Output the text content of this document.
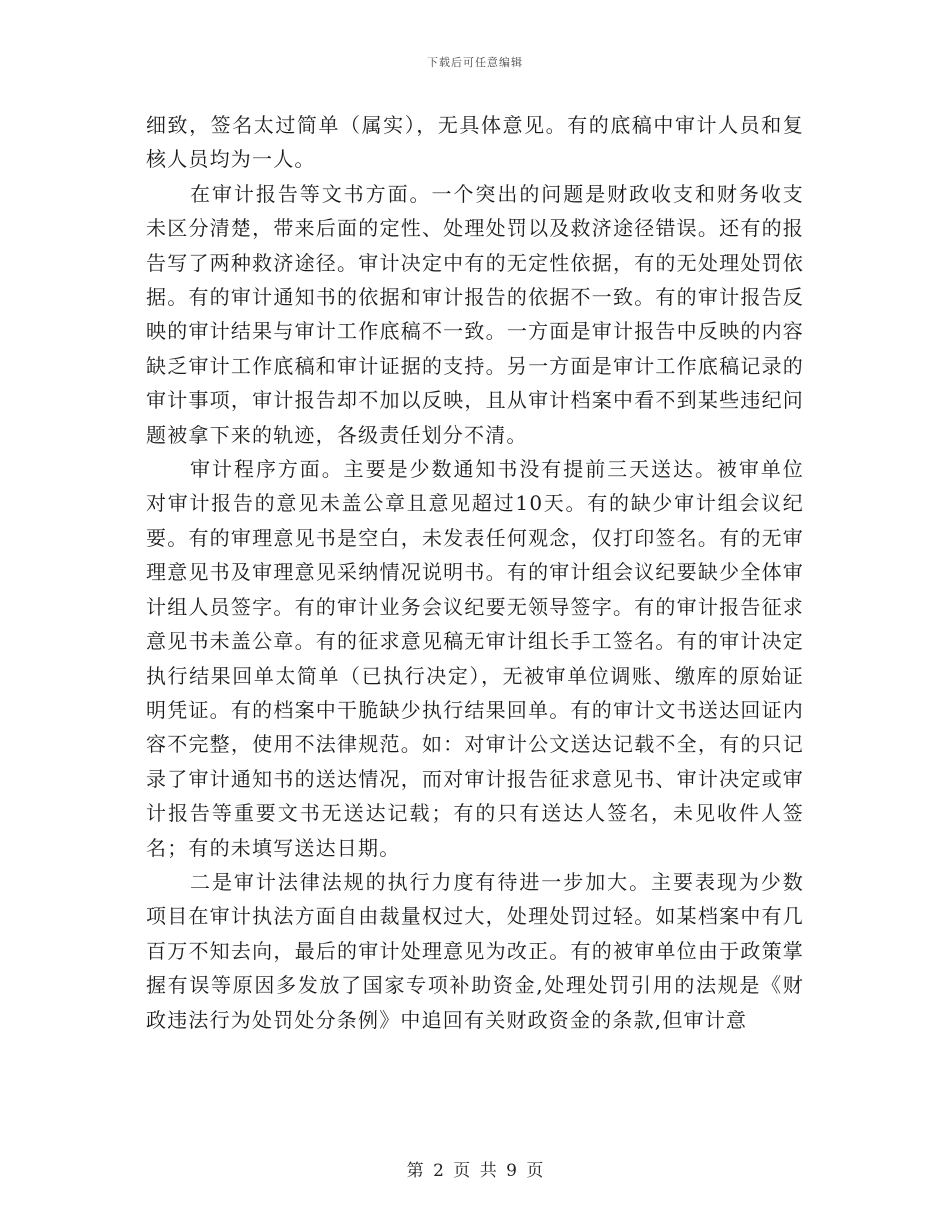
下载后可任意编辑

细致，签名太过简单（属实），无具体意见。有的底稿中审计人员和复核人员均为一人。

在审计报告等文书方面。一个突出的问题是财政收支和财务收支未区分清楚，带来后面的定性、处理处罚以及救济途径错误。还有的报告写了两种救济途径。审计决定中有的无定性依据，有的无处理处罚依据。有的审计通知书的依据和审计报告的依据不一致。有的审计报告反映的审计结果与审计工作底稿不一致。一方面是审计报告中反映的内容缺乏审计工作底稿和审计证据的支持。另一方面是审计工作底稿记录的审计事项，审计报告却不加以反映，且从审计档案中看不到某些违纪问题被拿下来的轨迹，各级责任划分不清。

审计程序方面。主要是少数通知书没有提前三天送达。被审单位对审计报告的意见未盖公章且意见超过10天。有的缺少审计组会议纪要。有的审理意见书是空白，未发表任何观念，仅打印签名。有的无审理意见书及审理意见采纳情况说明书。有的审计组会议纪要缺少全体审计组人员签字。有的审计业务会议纪要无领导签字。有的审计报告征求意见书未盖公章。有的征求意见稿无审计组长手工签名。有的审计决定执行结果回单太简单（已执行决定），无被审单位调账、缴库的原始证明凭证。有的档案中干脆缺少执行结果回单。有的审计文书送达回证内容不完整，使用不法律规范。如：对审计公文送达记载不全，有的只记录了审计通知书的送达情况，而对审计报告征求意见书、审计决定或审计报告等重要文书无送达记载；有的只有送达人签名，未见收件人签名；有的未填写送达日期。

二是审计法律法规的执行力度有待进一步加大。主要表现为少数项目在审计执法方面自由裁量权过大，处理处罚过轻。如某档案中有几百万不知去向，最后的审计处理意见为改正。有的被审单位由于政策掌握有误等原因多发放了国家专项补助资金,处理处罚引用的法规是《财政违法行为处罚处分条例》中追回有关财政资金的条款,但审计意

第 2 页 共 9 页
